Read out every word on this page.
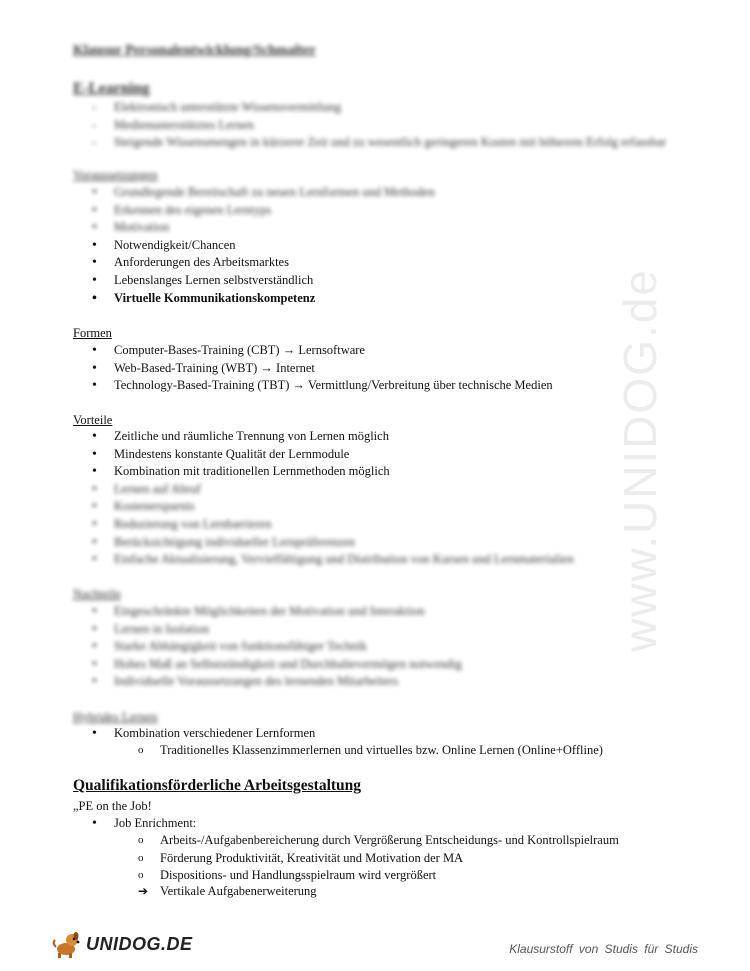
www.UNIDOG.de
Klausur Personalentwicklung/Schmalter
E-Learning
- Elektronisch unterstützte Wissensvermittlung
- Medienunterstütztes Lernen
- Steigende Wissensmengen in kürzerer Zeit und zu wesentlich geringeren Kosten mit höherem Erfolg erfassbar
Voraussetzungen
• Grundlegende Bereitschaft zu neuen Lernformen und Methoden
• Erkennen des eigenen Lerntyps
• Motivation
• Notwendigkeit/Chancen
• Anforderungen des Arbeitsmarktes
• Lebenslanges Lernen selbstverständlich
• Virtuelle Kommunikationskompetenz
Formen
• Computer-Bases-Training (CBT) → Lernsoftware
• Web-Based-Training (WBT) → Internet
• Technology-Based-Training (TBT) → Vermittlung/Verbreitung über technische Medien
Vorteile
• Zeitliche und räumliche Trennung von Lernen möglich
• Mindestens konstante Qualität der Lernmodule
• Kombination mit traditionellen Lernmethoden möglich
• Lernen auf Abruf
• Kostenersparnis
• Reduzierung von Lernbarrieren
• Berücksichtigung individueller Lernpräferenzen
• Einfache Aktualisierung, Vervielfältigung und Distribution von Kursen und Lernmaterialien
Nachteile
• Eingeschränkte Möglichkeiten der Motivation und Interaktion
• Lernen in Isolation
• Starke Abhängigkeit von funktionsfähiger Technik
• Hohes Maß an Selbstständigkeit und Durchhaltevermögen notwendig
• Individuelle Voraussetzungen des lernenden Mitarbeiters
Hybrides Lernen
• Kombination verschiedener Lernformen
o Traditionelles Klassenzimmerlernen und virtuelles bzw. Online Lernen (Online+Offline)
Qualifikationsförderliche Arbeitsgestaltung
„PE on the Job!
• Job Enrichment:
o Arbeits-/Aufgabenbereicherung durch Vergrößerung Entscheidungs- und Kontrollspielraum
o Förderung Produktivität, Kreativität und Motivation der MA
o Dispositions- und Handlungsspielraum wird vergrößert
➔ Vertikale Aufgabenerweiterung
UNIDOG.DE	Klausurstoff von Studis für Studis
